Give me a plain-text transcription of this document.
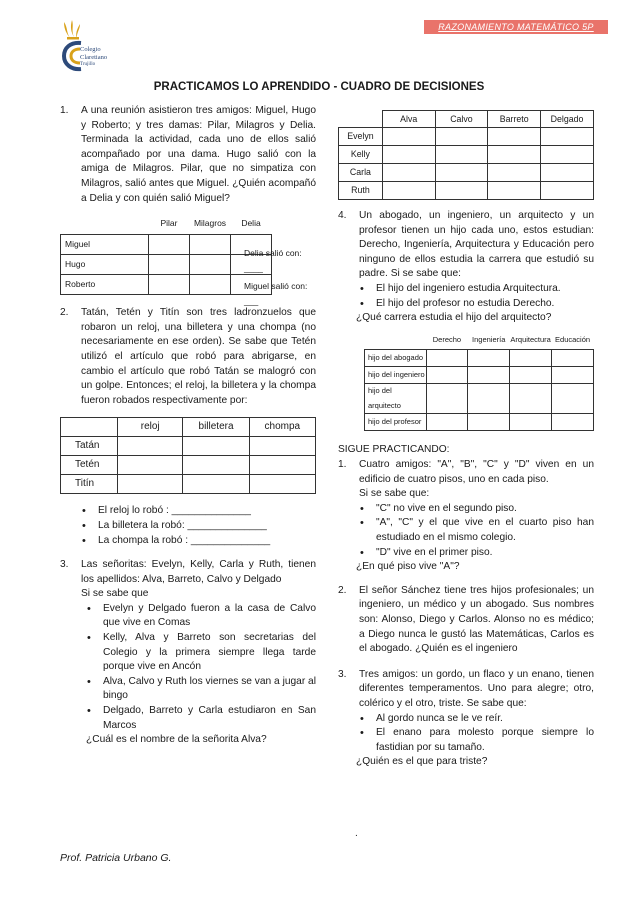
RAZONAMIENTO MATEMÁTICO 5P
Colegio
Claretiano
Trujillo
PRACTICAMOS LO APRENDIDO - CUADRO DE DECISIONES
1. A una reunión asistieron tres amigos: Miguel, Hugo y Roberto; y tres damas: Pilar, Milagros y Delia. Terminada la actividad, cada uno de ellos salió acompañado por una dama. Hugo salió con la amiga de Milagros. Pilar, que no simpatiza con Milagros, salió antes que Miguel. ¿Quién acompañó a Delia y con quién salió Miguel?
	Pilar	Milagros	Delia
Miguel			
Hugo			
Roberto			
Delia salió con: ____
Miguel salió con: ___
2. Tatán, Tetén y Titín son tres ladronzuelos que robaron un reloj, una billetera y una chompa (no necesariamente en ese orden). Se sabe que Tetén utilizó el artículo que robó para abrigarse, en cambio el artículo que robó Tatán se malogró con un golpe. Entonces; el reloj, la billetera y la chompa fueron robados respectivamente por:
	reloj	billetera	chompa
Tatán			
Tetén			
Titín			
• El reloj lo robó : ______________
• La billetera la robó: ______________
• La chompa la robó : ______________
3. Las señoritas: Evelyn, Kelly, Carla y Ruth, tienen los apellidos: Alva, Barreto, Calvo y Delgado
Si se sabe que
• Evelyn y Delgado fueron a la casa de Calvo que vive en Comas
• Kelly, Alva y Barreto son secretarias del Colegio y la primera siempre llega tarde porque vive en Ancón
• Alva, Calvo y Ruth los viernes se van a jugar al bingo
• Delgado, Barreto y Carla estudiaron en San Marcos
¿Cuál es el nombre de la señorita Alva?
	Alva	Calvo	Barreto	Delgado
Evelyn				
Kelly				
Carla				
Ruth				
4. Un abogado, un ingeniero, un arquitecto y un profesor tienen un hijo cada uno, estos estudian: Derecho, Ingeniería, Arquitectura y Educación pero ninguno de ellos estudia la carrera que estudió su padre. Si se sabe que:
• El hijo del ingeniero estudia Arquitectura.
• El hijo del profesor no estudia Derecho.
¿Qué carrera estudia el hijo del arquitecto?
	Derecho	Ingeniería	Arquitectura	Educación
hijo del abogado				
hijo del ingeniero				
hijo del arquitecto				
hijo del profesor				
SIGUE PRACTICANDO:
1. Cuatro amigos: "A", "B", "C" y "D" viven en un edificio de cuatro pisos, uno en cada piso.
Si se sabe que:
• "C" no vive en el segundo piso.
• "A", "C" y el que vive en el cuarto piso han estudiado en el mismo colegio.
• "D" vive en el primer piso.
¿En qué piso vive "A"?
2. El señor Sánchez tiene tres hijos profesionales; un ingeniero, un médico y un abogado. Sus nombres son: Alonso, Diego y Carlos. Alonso no es médico; a Diego nunca le gustó las Matemáticas, Carlos es el abogado. ¿Quién es el ingeniero
3. Tres amigos: un gordo, un flaco y un enano, tienen diferentes temperamentos. Uno para alegre; otro, colérico y el otro, triste. Se sabe que:
• Al gordo nunca se le ve reír.
• El enano para molesto porque siempre lo fastidian por su tamaño.
¿Quién es el que para triste?
.
Prof. Patricia Urbano G.
